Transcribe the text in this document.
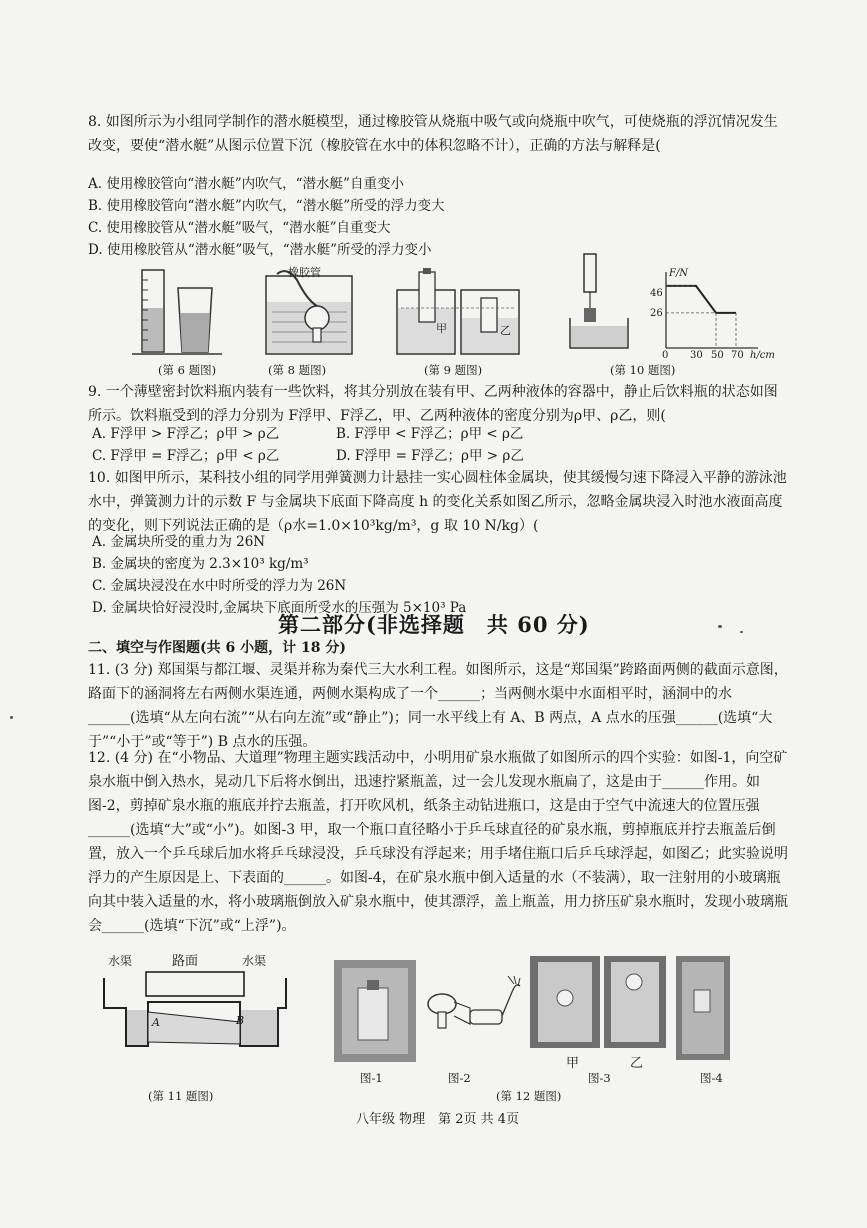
8. 如图所示为小组同学制作的潜水艇模型，通过橡胶管从烧瓶中吸气或向烧瓶中吹气，可使烧瓶的浮沉情况发生改变，要使“潜水艇”从图示位置下沉（橡胶管在水中的体积忽略不计），正确的方法与解释是(
A. 使用橡胶管向“潜水艇”内吹气，“潜水艇”自重变小
B. 使用橡胶管向“潜水艇”内吹气，“潜水艇”所受的浮力变大
C. 使用橡胶管从“潜水艇”吸气，“潜水艇”自重变大
D. 使用橡胶管从“潜水艇”吸气，“潜水艇”所受的浮力变小
(第 6 题图)
橡胶管
(第 8 题图)
甲	乙
(第 9 题图)
F/N
46
26
0 30 50 70 h/cm
(第 10 题图)
9. 一个薄壁密封饮料瓶内装有一些饮料，将其分别放在装有甲、乙两种液体的容器中，静止后饮料瓶的状态如图所示。饮料瓶受到的浮力分别为 F浮甲、F浮乙，甲、乙两种液体的密度分别为ρ甲、ρ乙，则(
A. F浮甲 > F浮乙；ρ甲 > ρ乙	B. F浮甲 < F浮乙；ρ甲 < ρ乙
C. F浮甲 = F浮乙；ρ甲 < ρ乙	D. F浮甲 = F浮乙；ρ甲 > ρ乙
10. 如图甲所示，某科技小组的同学用弹簧测力计悬挂一实心圆柱体金属块，使其缓慢匀速下降浸入平静的游泳池水中，弹簧测力计的示数 F 与金属块下底面下降高度 h 的变化关系如图乙所示，忽略金属块浸入时池水液面高度的变化，则下列说法正确的是（ρ水=1.0×10³kg/m³，g 取 10 N/kg）(
A. 金属块所受的重力为 26N
B. 金属块的密度为 2.3×10³ kg/m³
C. 金属块浸没在水中时所受的浮力为 26N
D. 金属块恰好浸没时,金属块下底面所受水的压强为 5×10³ Pa
第二部分(非选择题　共 60 分)
二、填空与作图题(共 6 小题，计 18 分)
11. (3 分) 郑国渠与都江堰、灵渠并称为秦代三大水利工程。如图所示，这是“郑国渠”跨路面两侧的截面示意图，路面下的涵洞将左右两侧水渠连通，两侧水渠构成了一个______；当两侧水渠中水面相平时，涵洞中的水______(选填“从左向右流”“从右向左流”或“静止”)；同一水平线上有 A、B 两点，A 点水的压强______(选填“大于”“小于”或“等于”) B 点水的压强。
12. (4 分) 在“小物品、大道理”物理主题实践活动中，小明用矿泉水瓶做了如图所示的四个实验：如图-1，向空矿泉水瓶中倒入热水，晃动几下后将水倒出，迅速拧紧瓶盖，过一会儿发现水瓶扁了，这是由于______作用。如图-2，剪掉矿泉水瓶的瓶底并拧去瓶盖，打开吹风机，纸条主动钻进瓶口，这是由于空气中流速大的位置压强______(选填“大”或“小”)。如图-3 甲，取一个瓶口直径略小于乒乓球直径的矿泉水瓶，剪掉瓶底并拧去瓶盖后倒置，放入一个乒乓球后加水将乒乓球浸没，乒乓球没有浮起来；用手堵住瓶口后乒乓球浮起，如图乙；此实验说明浮力的产生原因是上、下表面的______。如图-4，在矿泉水瓶中倒入适量的水（不装满），取一注射用的小玻璃瓶向其中装入适量的水，将小玻璃瓶倒放入矿泉水瓶中，使其漂浮，盖上瓶盖，用力挤压矿泉水瓶时，发现小玻璃瓶会______(选填“下沉”或“上浮”)。
水渠	路面	水渠
A	B
(第 11 题图)
甲	乙
图-1	图-2	图-3	图-4
(第 12 题图)
八年级 物理　第 2页 共 4页
